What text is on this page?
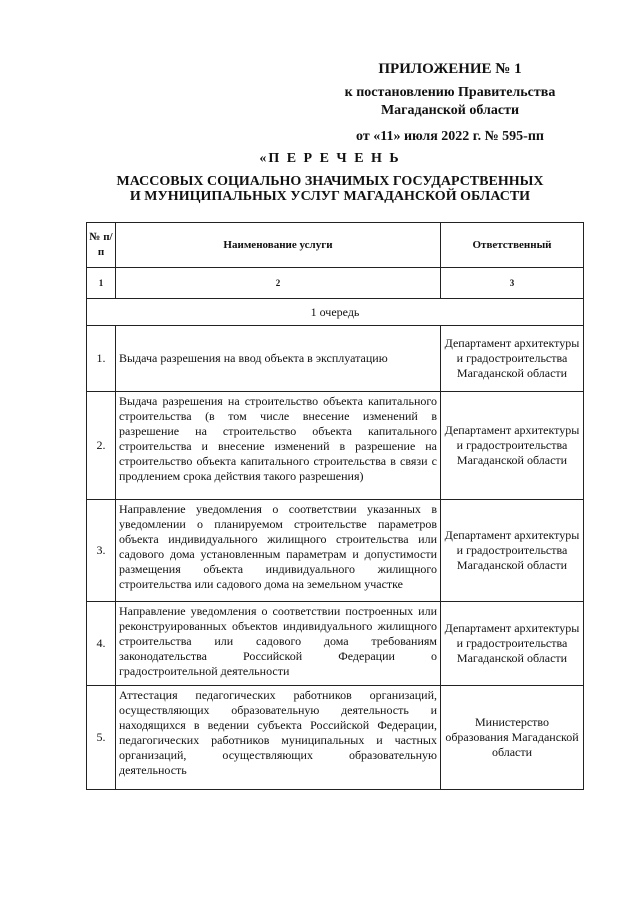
ПРИЛОЖЕНИЕ № 1
к постановлению Правительства
Магаданской области
от «11» июля 2022 г. № 595-пп
«П Е Р Е Ч Е Н Ь
МАССОВЫХ СОЦИАЛЬНО ЗНАЧИМЫХ ГОСУДАРСТВЕННЫХ
И МУНИЦИПАЛЬНЫХ УСЛУГ МАГАДАНСКОЙ ОБЛАСТИ
№ п/п	Наименование услуги	Ответственный
1	2	3
1 очередь		
1.	Выдача разрешения на ввод объекта в эксплуатацию	Департамент архитектуры и градостроительства Магаданской области
2.	Выдача разрешения на строительство объекта капитального строительства (в том числе внесение изменений в разрешение на строительство объекта капитального строительства и внесение изменений в разрешение на строительство объекта капитального строительства в связи с продлением срока действия такого разрешения)	Департамент архитектуры и градостроительства Магаданской области
3.	Направление уведомления о соответствии указанных в уведомлении о планируемом строительстве параметров объекта индивидуального жилищного строительства или садового дома установленным параметрам и допустимости размещения объекта индивидуального жилищного строительства или садового дома на земельном участке	Департамент архитектуры и градостроительства Магаданской области
4.	Направление уведомления о соответствии построенных или реконструированных объектов индивидуального жилищного строительства или садового дома требованиям законодательства Российской Федерации о градостроительной деятельности	Департамент архитектуры и градостроительства Магаданской области
5.	Аттестация педагогических работников организаций, осуществляющих образовательную деятельность и находящихся в ведении субъекта Российской Федерации, педагогических работников муниципальных и частных организаций, осуществляющих образовательную деятельность	Министерство образования Магаданской области
